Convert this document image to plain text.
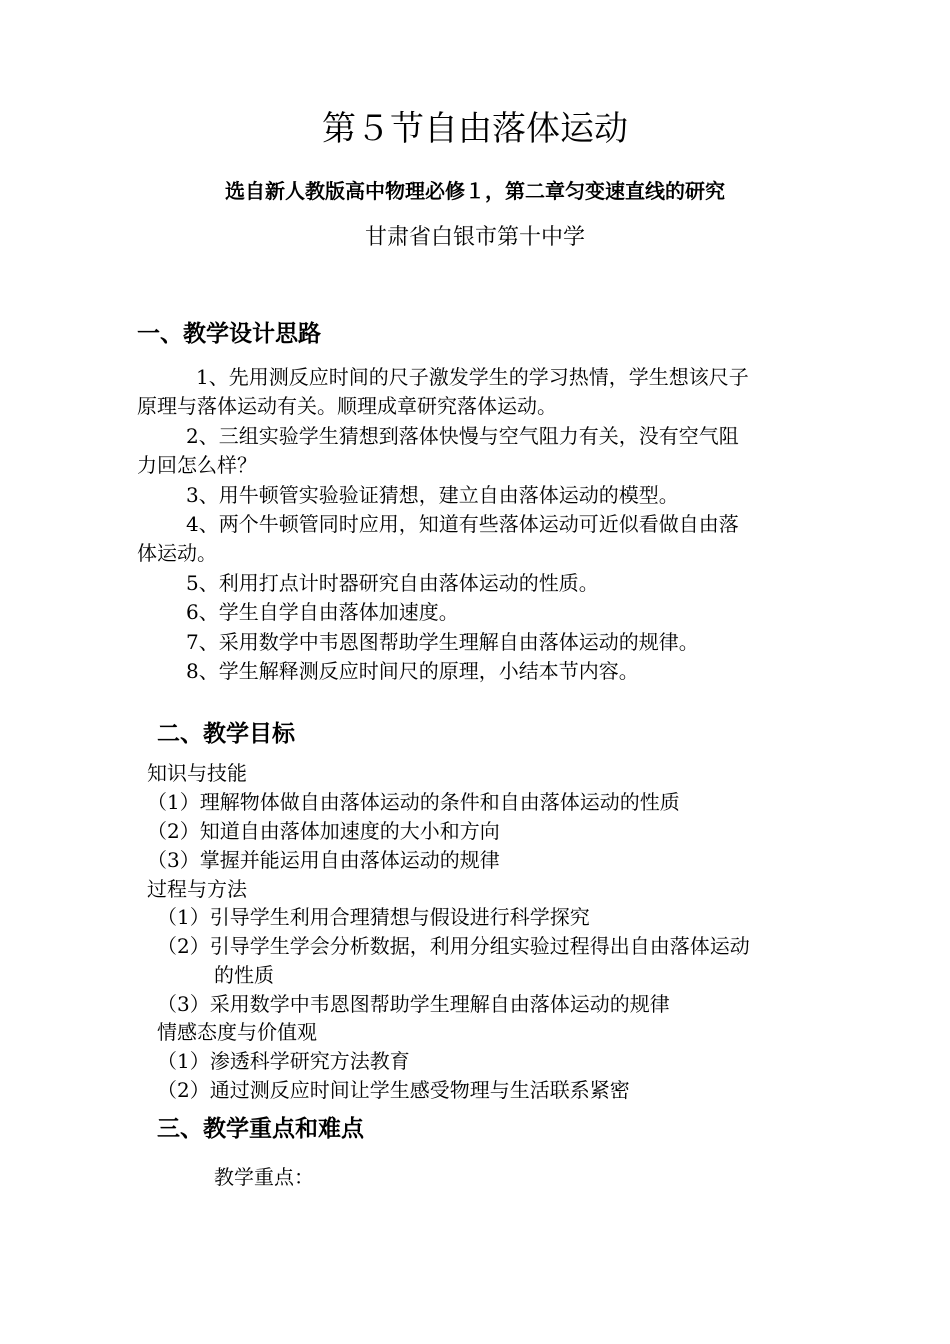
第５节自由落体运动
选自新人教版高中物理必修１，第二章匀变速直线的研究
甘肃省白银市第十中学
一、教学设计思路
1、先用测反应时间的尺子激发学生的学习热情，学生想该尺子
原理与落体运动有关。顺理成章研究落体运动。
2、三组实验学生猜想到落体快慢与空气阻力有关，没有空气阻
力回怎么样？
3、用牛顿管实验验证猜想，建立自由落体运动的模型。
4、两个牛顿管同时应用，知道有些落体运动可近似看做自由落
体运动。
5、利用打点计时器研究自由落体运动的性质。
6、学生自学自由落体加速度。
7、采用数学中韦恩图帮助学生理解自由落体运动的规律。
8、学生解释测反应时间尺的原理，小结本节内容。
二、教学目标
知识与技能
（1）理解物体做自由落体运动的条件和自由落体运动的性质
（2）知道自由落体加速度的大小和方向
（3）掌握并能运用自由落体运动的规律
过程与方法
（1）引导学生利用合理猜想与假设进行科学探究
（2）引导学生学会分析数据，利用分组实验过程得出自由落体运动
的性质
（3）采用数学中韦恩图帮助学生理解自由落体运动的规律
情感态度与价值观
（1）渗透科学研究方法教育
（2）通过测反应时间让学生感受物理与生活联系紧密
三、教学重点和难点
教学重点：
